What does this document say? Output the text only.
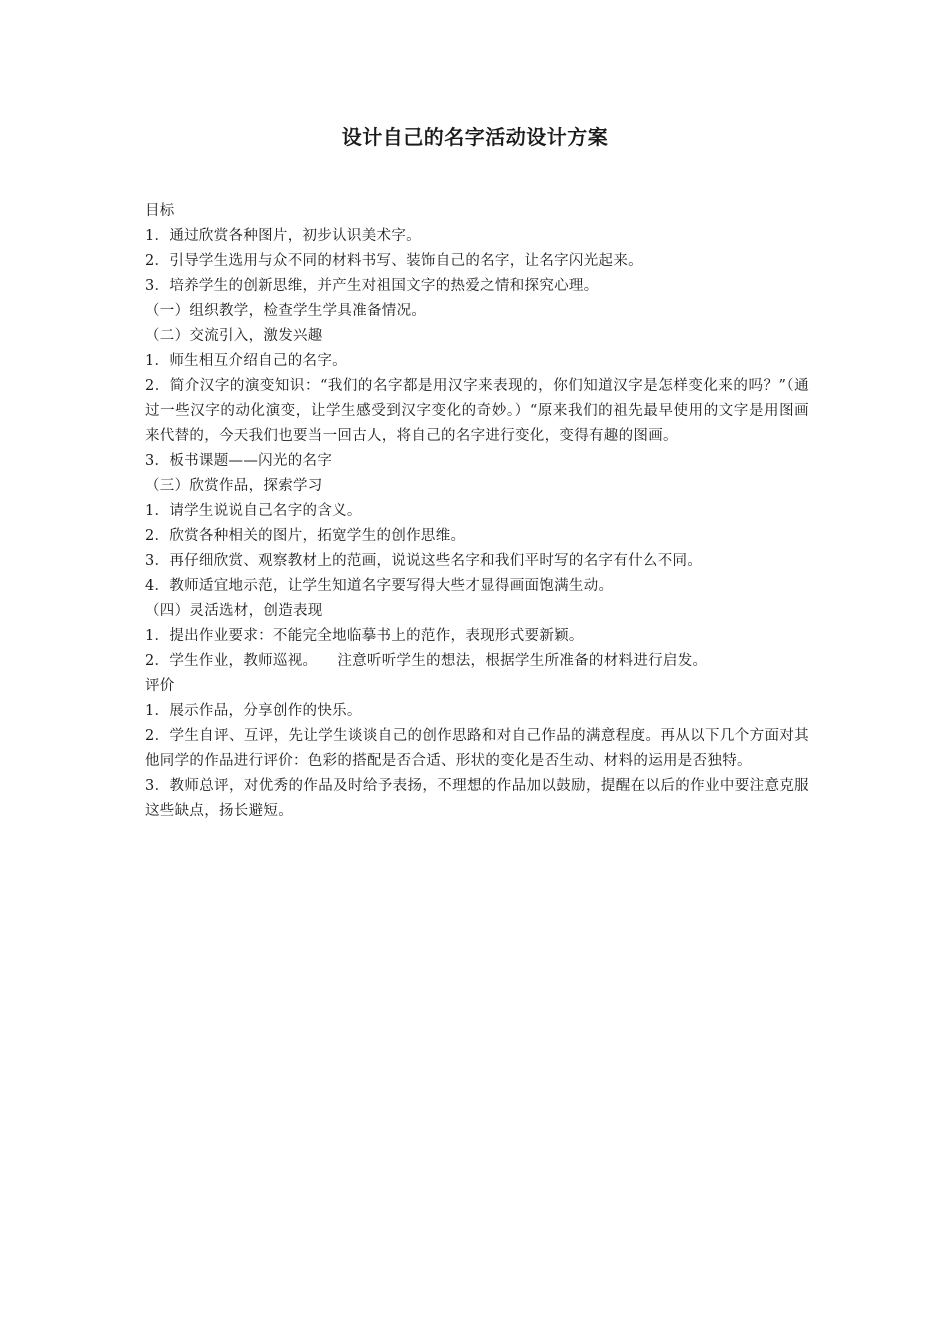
设计自己的名字活动设计方案

目标

1．通过欣赏各种图片，初步认识美术字。

2．引导学生选用与众不同的材料书写、装饰自己的名字，让名字闪光起来。

3．培养学生的创新思维，并产生对祖国文字的热爱之情和探究心理。

（一）组织教学，检查学生学具准备情况。

（二）交流引入，激发兴趣

1．师生相互介绍自己的名字。

2．简介汉字的演变知识：“我们的名字都是用汉字来表现的，你们知道汉字是怎样变化来的吗？”（通过一些汉字的动化演变，让学生感受到汉字变化的奇妙。）“原来我们的祖先最早使用的文字是用图画来代替的，今天我们也要当一回古人，将自己的名字进行变化，变得有趣的图画。

3．板书课题——闪光的名字

（三）欣赏作品，探索学习

1．请学生说说自己名字的含义。

2．欣赏各种相关的图片，拓宽学生的创作思维。

3．再仔细欣赏、观察教材上的范画，说说这些名字和我们平时写的名字有什么不同。

4．教师适宜地示范，让学生知道名字要写得大些才显得画面饱满生动。

（四）灵活选材，创造表现

1．提出作业要求：不能完全地临摹书上的范作，表现形式要新颖。

2．学生作业，教师巡视。 注意听听学生的想法，根据学生所准备的材料进行启发。

评价

1．展示作品，分享创作的快乐。

2．学生自评、互评，先让学生谈谈自己的创作思路和对自己作品的满意程度。再从以下几个方面对其他同学的作品进行评价：色彩的搭配是否合适、形状的变化是否生动、材料的运用是否独特。

3．教师总评，对优秀的作品及时给予表扬，不理想的作品加以鼓励，提醒在以后的作业中要注意克服这些缺点，扬长避短。
